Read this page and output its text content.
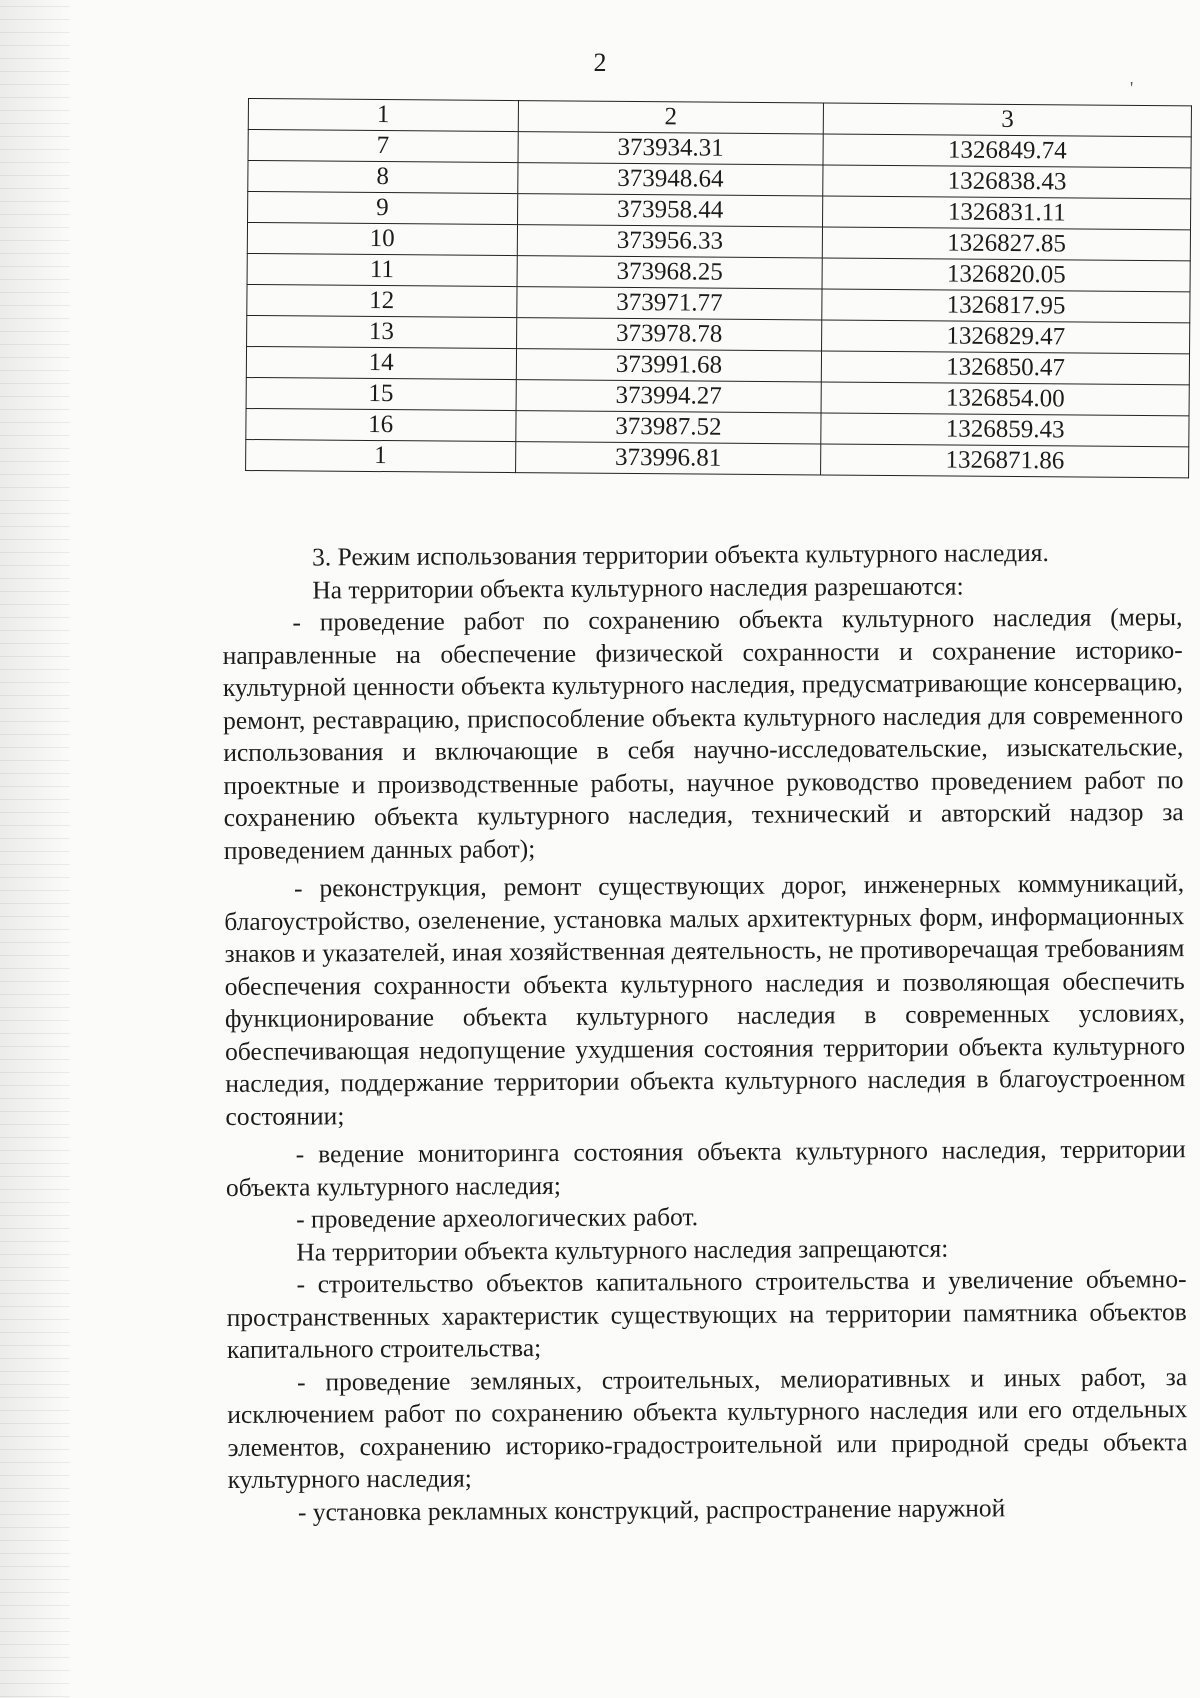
2
'
1	2	3
7	373934.31	1326849.74
8	373948.64	1326838.43
9	373958.44	1326831.11
10	373956.33	1326827.85
11	373968.25	1326820.05
12	373971.77	1326817.95
13	373978.78	1326829.47
14	373991.68	1326850.47
15	373994.27	1326854.00
16	373987.52	1326859.43
1	373996.81	1326871.86

3. Режим использования территории объекта культурного наследия.

На территории объекта культурного наследия разрешаются:

- проведение работ по сохранению объекта культурного наследия (меры, направленные на обеспечение физической сохранности и сохранение историко-культурной ценности объекта культурного наследия, предусматривающие консервацию, ремонт, реставрацию, приспособление объекта культурного наследия для современного использования и включающие в себя научно-исследовательские, изыскательские, проектные и производственные работы, научное руководство проведением работ по сохранению объекта культурного наследия, технический и авторский надзор за проведением данных работ);

- реконструкция, ремонт существующих дорог, инженерных коммуникаций, благоустройство, озеленение, установка малых архитектурных форм, информационных знаков и указателей, иная хозяйственная деятельность, не противоречащая требованиям обеспечения сохранности объекта культурного наследия и позволяющая обеспечить функционирование объекта культурного наследия в современных условиях, обеспечивающая недопущение ухудшения состояния территории объекта культурного наследия, поддержание территории объекта культурного наследия в благоустроенном состоянии;

- ведение мониторинга состояния объекта культурного наследия, территории объекта культурного наследия;

- проведение археологических работ.

На территории объекта культурного наследия запрещаются:

- строительство объектов капитального строительства и увеличение объемно-пространственных характеристик существующих на территории памятника объектов капитального строительства;

- проведение земляных, строительных, мелиоративных и иных работ, за исключением работ по сохранению объекта культурного наследия или его отдельных элементов, сохранению историко-градостроительной или природной среды объекта культурного наследия;

- установка рекламных конструкций, распространение наружной
